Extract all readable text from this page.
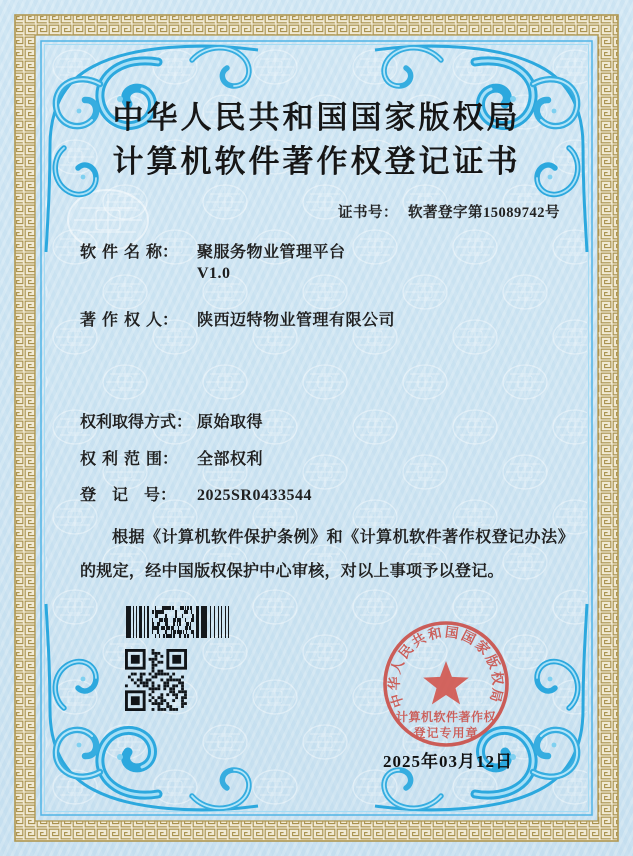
中华人民共和国国家版权局
计算机软件著作权登记证书
证书号： 软著登字第15089742号
软 件 名 称：	聚服务物业管理平台
V1.0
著 作 权 人：	陕西迈特物业管理有限公司
权利取得方式： 原始取得
权 利 范 围：	全部权利
登　记　号：	2025SR0433544
根据《计算机软件保护条例》和《计算机软件著作权登记办法》的规定，经中国版权保护中心审核，对以上事项予以登记。
中华人民共和国国家版权局
计算机软件著作权
登记专用章
2025年03月12日
